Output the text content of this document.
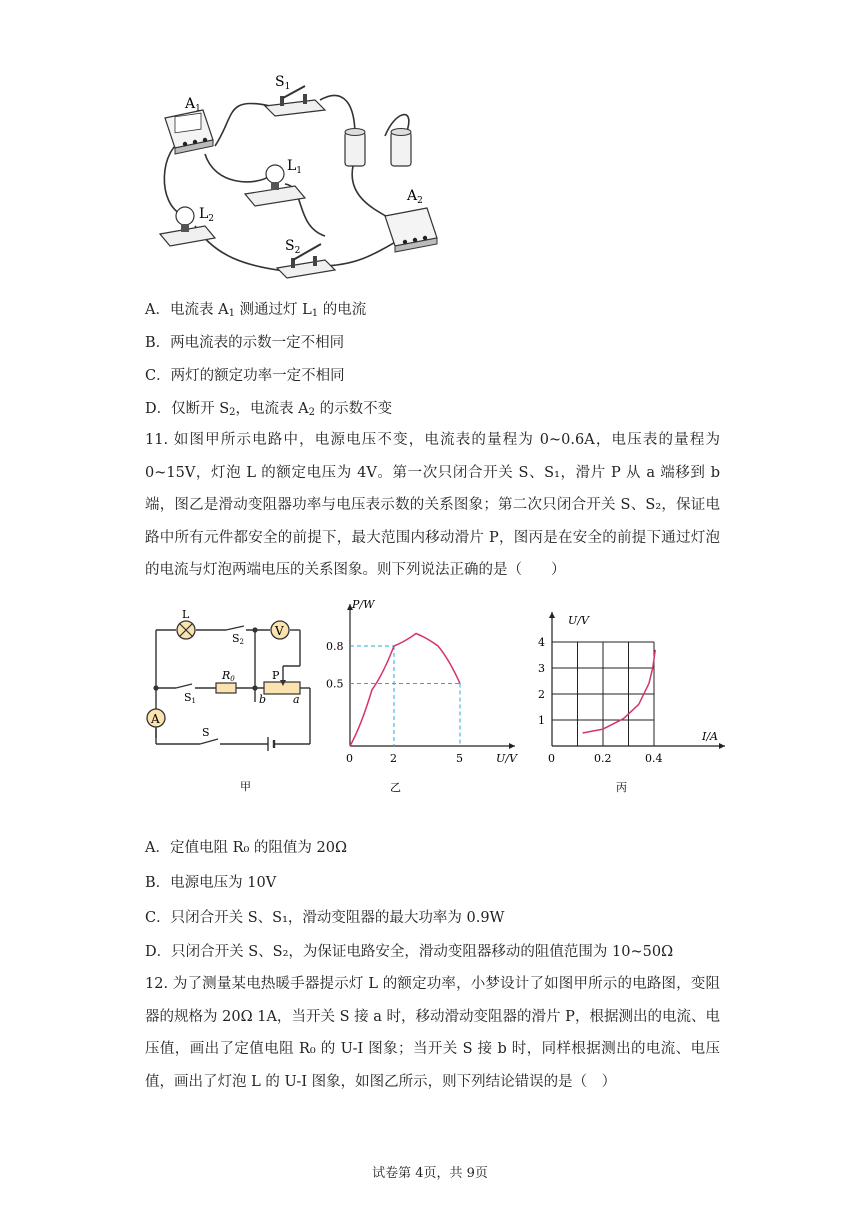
$A_1$
$S_1$
$L_1$
$L_2$
$S_2$
$A_2$
A．电流表 $A_1$ 测通过灯 $L_1$ 的电流
B．两电流表的示数一定不相同
C．两灯的额定功率一定不相同
D．仅断开 $S_2$，电流表 $A_2$ 的示数不变
11. 如图甲所示电路中，电源电压不变，电流表的量程为 0~0.6A，电压表的量程为 0~15V，灯泡 L 的额定电压为 4V。第一次只闭合开关 S、S₁，滑片 P 从 a 端移到 b 端，图乙是滑动变阻器功率与电压表示数的关系图象；第二次只闭合开关 S、S₂，保证电路中所有元件都安全的前提下，最大范围内移动滑片 P，图丙是在安全的前提下通过灯泡的电流与灯泡两端电压的关系图象。则下列说法正确的是（　　）
V
A
L
S2
R0
S1
P
b a
S
甲
P/W
U/V
0	2	5
0.8
0.5
乙
U/V
I/A
0	0.2	0.4
1
2
3
4
丙
A．定值电阻 R₀ 的阻值为 20Ω
B．电源电压为 10V
C．只闭合开关 S、S₁，滑动变阻器的最大功率为 0.9W
D．只闭合开关 S、S₂，为保证电路安全，滑动变阻器移动的阻值范围为 10~50Ω
12. 为了测量某电热暖手器提示灯 L 的额定功率，小梦设计了如图甲所示的电路图，变阻器的规格为 20Ω 1A，当开关 S 接 a 时，移动滑动变阻器的滑片 P，根据测出的电流、电压值，画出了定值电阻 R₀ 的 U-I 图象；当开关 S 接 b 时，同样根据测出的电流、电压值，画出了灯泡 L 的 U-I 图象，如图乙所示，则下列结论错误的是（　）
试卷第 4页，共 9页
